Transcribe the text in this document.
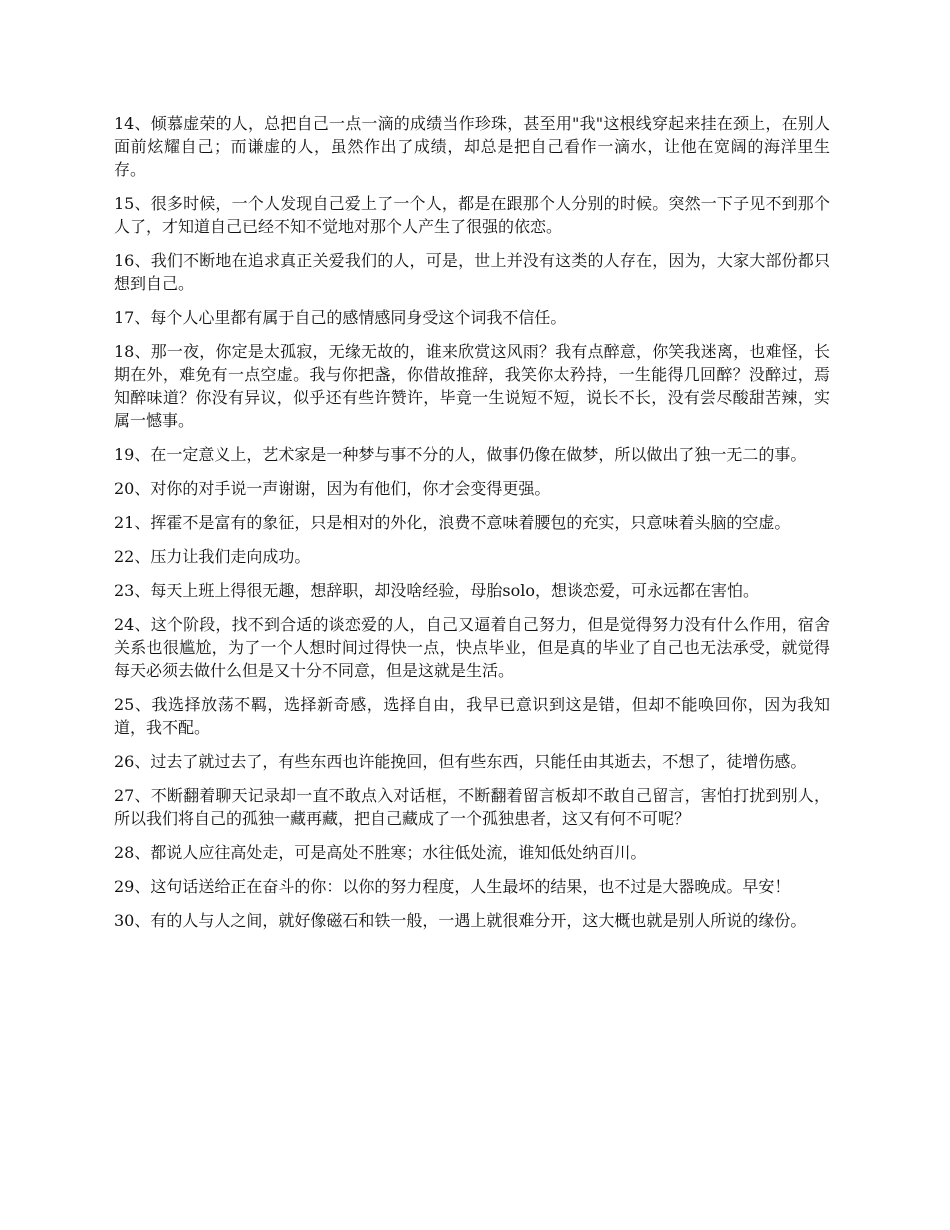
14、倾慕虚荣的人，总把自己一点一滴的成绩当作珍珠，甚至用"我"这根线穿起来挂在颈上，在别人面前炫耀自己；而谦虚的人，虽然作出了成绩，却总是把自己看作一滴水，让他在宽阔的海洋里生存。

15、很多时候，一个人发现自己爱上了一个人，都是在跟那个人分别的时候。突然一下子见不到那个人了，才知道自己已经不知不觉地对那个人产生了很强的依恋。

16、我们不断地在追求真正关爱我们的人，可是，世上并没有这类的人存在，因为，大家大部份都只想到自己。

17、每个人心里都有属于自己的感情感同身受这个词我不信任。

18、那一夜，你定是太孤寂，无缘无故的，谁来欣赏这风雨？我有点醉意，你笑我迷离，也难怪，长期在外，难免有一点空虚。我与你把盏，你借故推辞，我笑你太矜持，一生能得几回醉？没醉过，焉知醉味道？你没有异议，似乎还有些许赞许，毕竟一生说短不短，说长不长，没有尝尽酸甜苦辣，实属一憾事。

19、在一定意义上，艺术家是一种梦与事不分的人，做事仍像在做梦，所以做出了独一无二的事。

20、对你的对手说一声谢谢，因为有他们，你才会变得更强。

21、挥霍不是富有的象征，只是相对的外化，浪费不意味着腰包的充实，只意味着头脑的空虚。

22、压力让我们走向成功。

23、每天上班上得很无趣，想辞职，却没啥经验，母胎solo，想谈恋爱，可永远都在害怕。

24、这个阶段，找不到合适的谈恋爱的人，自己又逼着自己努力，但是觉得努力没有什么作用，宿舍关系也很尴尬，为了一个人想时间过得快一点，快点毕业，但是真的毕业了自己也无法承受，就觉得每天必须去做什么但是又十分不同意，但是这就是生活。

25、我选择放荡不羁，选择新奇感，选择自由，我早已意识到这是错，但却不能唤回你，因为我知道，我不配。

26、过去了就过去了，有些东西也许能挽回，但有些东西，只能任由其逝去，不想了，徒增伤感。

27、不断翻着聊天记录却一直不敢点入对话框，不断翻着留言板却不敢自己留言，害怕打扰到别人，所以我们将自己的孤独一藏再藏，把自己藏成了一个孤独患者，这又有何不可呢？

28、都说人应往高处走，可是高处不胜寒；水往低处流，谁知低处纳百川。

29、这句话送给正在奋斗的你：以你的努力程度，人生最坏的结果，也不过是大器晚成。早安！

30、有的人与人之间，就好像磁石和铁一般，一遇上就很难分开，这大概也就是别人所说的缘份。
